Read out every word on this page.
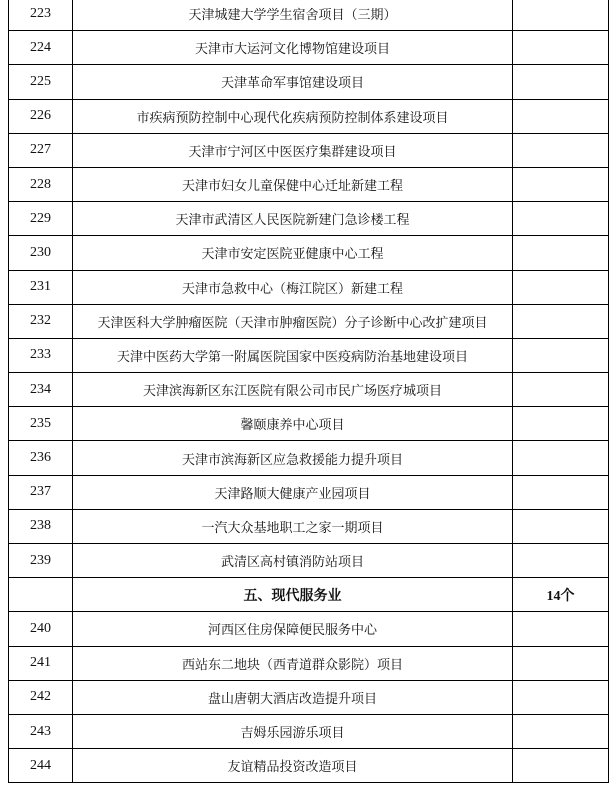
223	天津城建大学学生宿舍项目（三期）	
224	天津市大运河文化博物馆建设项目	
225	天津革命军事馆建设项目	
226	市疾病预防控制中心现代化疾病预防控制体系建设项目	
227	天津市宁河区中医医疗集群建设项目	
228	天津市妇女儿童保健中心迁址新建工程	
229	天津市武清区人民医院新建门急诊楼工程	
230	天津市安定医院亚健康中心工程	
231	天津市急救中心（梅江院区）新建工程	
232	天津医科大学肿瘤医院（天津市肿瘤医院）分子诊断中心改扩建项目	
233	天津中医药大学第一附属医院国家中医疫病防治基地建设项目	
234	天津滨海新区东江医院有限公司市民广场医疗城项目	
235	馨颐康养中心项目	
236	天津市滨海新区应急救援能力提升项目	
237	天津路顺大健康产业园项目	
238	一汽大众基地职工之家一期项目	
239	武清区高村镇消防站项目	
	五、现代服务业	14个
240	河西区住房保障便民服务中心	
241	西站东二地块（西青道群众影院）项目	
242	盘山唐朝大酒店改造提升项目	
243	吉姆乐园游乐项目	
244	友谊精品投资改造项目	
